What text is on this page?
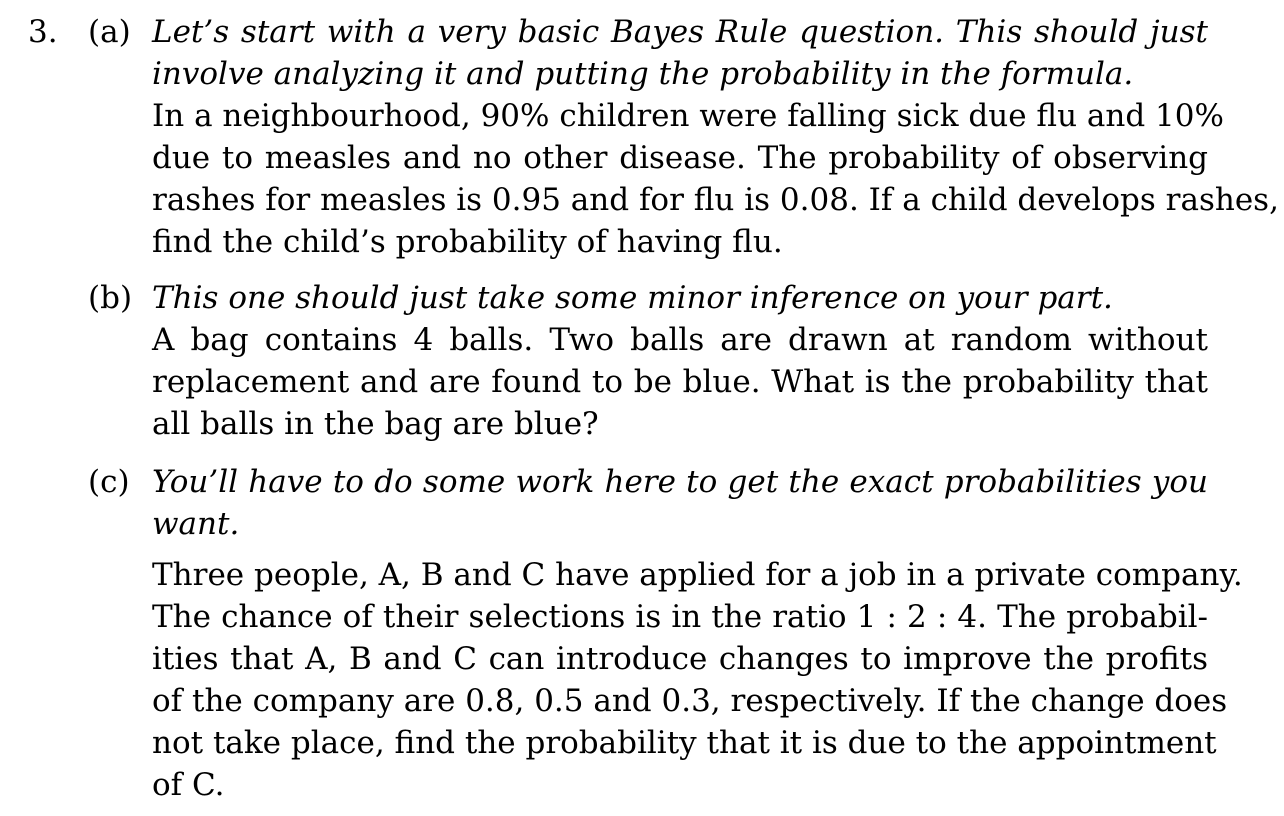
3. (a) Let’s start with a very basic Bayes Rule question. This should just
involve analyzing it and putting the probability in the formula.
In a neighbourhood, 90% children were falling sick due flu and 10%
due to measles and no other disease. The probability of observing
rashes for measles is 0.95 and for flu is 0.08. If a child develops rashes,
find the child’s probability of having flu.
(b) This one should just take some minor inference on your part.
A bag contains 4 balls. Two balls are drawn at random without
replacement and are found to be blue. What is the probability that
all balls in the bag are blue?
(c) You’ll have to do some work here to get the exact probabilities you
want.
Three people, A, B and C have applied for a job in a private company.
The chance of their selections is in the ratio 1 : 2 : 4. The probabil-
ities that A, B and C can introduce changes to improve the profits
of the company are 0.8, 0.5 and 0.3, respectively. If the change does
not take place, find the probability that it is due to the appointment
of C.
